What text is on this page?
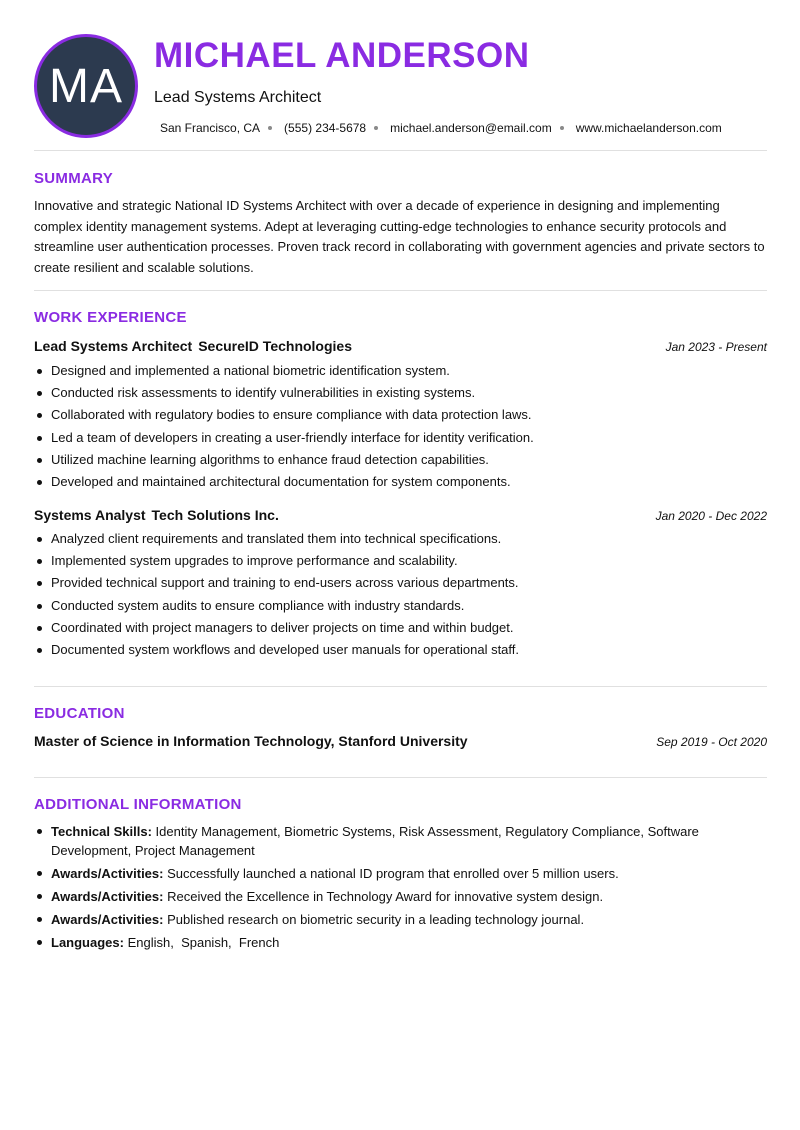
MA
MICHAEL ANDERSON
Lead Systems Architect
San Francisco, CA (555) 234-5678 michael.anderson@email.com www.michaelanderson.com
SUMMARY

Innovative and strategic National ID Systems Architect with over a decade of experience in designing and implementing complex identity management systems. Adept at leveraging cutting-edge technologies to enhance security protocols and streamline user authentication processes. Proven track record in collaborating with government agencies and private sectors to create resilient and scalable solutions.

WORK EXPERIENCE
Lead Systems Architect SecureID Technologies	Jan 2023 - Present
Designed and implemented a national biometric identification system.
Conducted risk assessments to identify vulnerabilities in existing systems.
Collaborated with regulatory bodies to ensure compliance with data protection laws.
Led a team of developers in creating a user-friendly interface for identity verification.
Utilized machine learning algorithms to enhance fraud detection capabilities.
Developed and maintained architectural documentation for system components.
Systems Analyst Tech Solutions Inc.	Jan 2020 - Dec 2022
Analyzed client requirements and translated them into technical specifications.
Implemented system upgrades to improve performance and scalability.
Provided technical support and training to end-users across various departments.
Conducted system audits to ensure compliance with industry standards.
Coordinated with project managers to deliver projects on time and within budget.
Documented system workflows and developed user manuals for operational staff.
EDUCATION
Master of Science in Information Technology, Stanford University	Sep 2019 - Oct 2020
ADDITIONAL INFORMATION
Technical Skills: Identity Management, Biometric Systems, Risk Assessment, Regulatory Compliance, Software Development, Project Management
Awards/Activities: Successfully launched a national ID program that enrolled over 5 million users.
Awards/Activities: Received the Excellence in Technology Award for innovative system design.
Awards/Activities: Published research on biometric security in a leading technology journal.
Languages: English,  Spanish,  French
